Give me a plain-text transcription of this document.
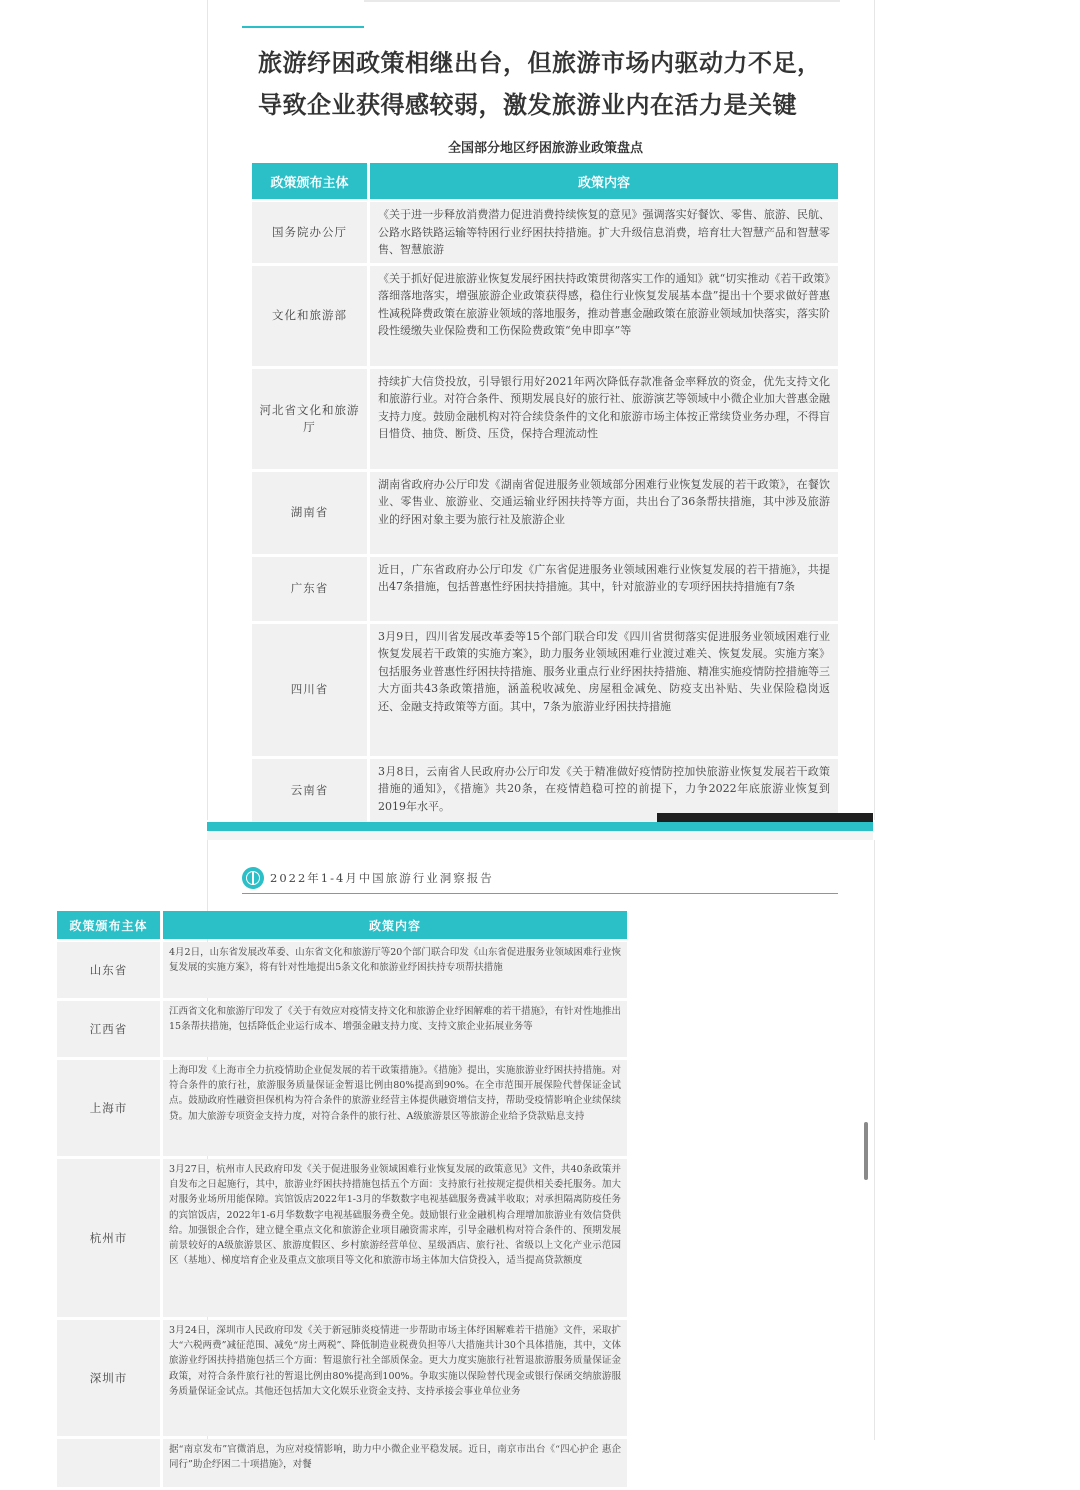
旅游纾困政策相继出台，但旅游市场内驱动力不足，
导致企业获得感较弱，激发旅游业内在活力是关键
全国部分地区纾困旅游业政策盘点
政策颁布主体	政策内容
国务院办公厅	《关于进一步释放消费潜力促进消费持续恢复的意见》强调落实好餐饮、零售、旅游、民航、公路水路铁路运输等特困行业纾困扶持措施。扩大升级信息消费，培育壮大智慧产品和智慧零售、智慧旅游
文化和旅游部	《关于抓好促进旅游业恢复发展纾困扶持政策贯彻落实工作的通知》就“切实推动《若干政策》落细落地落实，增强旅游企业政策获得感，稳住行业恢复发展基本盘”提出十个要求做好普惠性减税降费政策在旅游业领域的落地服务，推动普惠金融政策在旅游业领域加快落实，落实阶段性缓缴失业保险费和工伤保险费政策“免申即享”等
河北省文化和旅游厅	持续扩大信贷投放，引导银行用好2021年两次降低存款准备金率释放的资金，优先支持文化和旅游行业。对符合条件、预期发展良好的旅行社、旅游演艺等领域中小微企业加大普惠金融支持力度。鼓励金融机构对符合续贷条件的文化和旅游市场主体按正常续贷业务办理，不得盲目惜贷、抽贷、断贷、压贷，保持合理流动性
湖南省	湖南省政府办公厅印发《湖南省促进服务业领域部分困难行业恢复发展的若干政策》，在餐饮业、零售业、旅游业、交通运输业纾困扶持等方面，共出台了36条帮扶措施，其中涉及旅游业的纾困对象主要为旅行社及旅游企业
广东省	近日，广东省政府办公厅印发《广东省促进服务业领域困难行业恢复发展的若干措施》，共提出47条措施，包括普惠性纾困扶持措施。其中，针对旅游业的专项纾困扶持措施有7条
四川省	3月9日，四川省发展改革委等15个部门联合印发《四川省贯彻落实促进服务业领域困难行业恢复发展若干政策的实施方案》，助力服务业领域困难行业渡过难关、恢复发展。实施方案》包括服务业普惠性纾困扶持措施、服务业重点行业纾困扶持措施、精准实施疫情防控措施等三大方面共43条政策措施，涵盖税收减免、房屋租金减免、防疫支出补贴、失业保险稳岗返还、金融支持政策等方面。其中，7条为旅游业纾困扶持措施
云南省	3月8日，云南省人民政府办公厅印发《关于精准做好疫情防控加快旅游业恢复发展若干政策措施的通知》，《措施》共20条，在疫情趋稳可控的前提下，力争2022年底旅游业恢复到2019年水平。
2022年1-4月中国旅游行业洞察报告
政策颁布主体	政策内容
山东省	4月2日，山东省发展改革委、山东省文化和旅游厅等20个部门联合印发《山东省促进服务业领域困难行业恢复发展的实施方案》，将有针对性地提出5条文化和旅游业纾困扶持专项帮扶措施
江西省	江西省文化和旅游厅印发了《关于有效应对疫情支持文化和旅游企业纾困解难的若干措施》，有针对性地推出15条帮扶措施，包括降低企业运行成本、增强金融支持力度、支持文旅企业拓展业务等
上海市	上海印发《上海市全力抗疫情助企业促发展的若干政策措施》。《措施》提出，实施旅游业纾困扶持措施。对符合条件的旅行社，旅游服务质量保证金暂退比例由80%提高到90%。在全市范围开展保险代替保证金试点。鼓励政府性融资担保机构为符合条件的旅游业经营主体提供融资增信支持，帮助受疫情影响企业续保续贷。加大旅游专项资金支持力度，对符合条件的旅行社、A级旅游景区等旅游企业给予贷款贴息支持
杭州市	3月27日，杭州市人民政府印发《关于促进服务业领域困难行业恢复发展的政策意见》文件，共40条政策并自发布之日起施行，其中，旅游业纾困扶持措施包括五个方面：支持旅行社按规定提供相关委托服务。加大对服务业场所用能保障。宾馆饭店2022年1-3月的华数数字电视基础服务费减半收取；对承担隔离防疫任务的宾馆饭店，2022年1-6月华数数字电视基础服务费全免。鼓励银行业金融机构合理增加旅游业有效信贷供给。加强银企合作，建立健全重点文化和旅游企业项目融资需求库，引导金融机构对符合条件的、预期发展前景较好的A级旅游景区、旅游度假区、乡村旅游经营单位、星级酒店、旅行社、省级以上文化产业示范园区（基地）、梯度培育企业及重点文旅项目等文化和旅游市场主体加大信贷投入，适当提高贷款额度
深圳市	3月24日，深圳市人民政府印发《关于新冠肺炎疫情进一步帮助市场主体纾困解难若干措施》文件，采取扩大“六税两费”减征范围、减免“房土两税”、降低制造业税费负担等八大措施共计30个具体措施，其中，文体旅游业纾困扶持措施包括三个方面：暂退旅行社全部质保金。更大力度实施旅行社暂退旅游服务质量保证金政策，对符合条件旅行社的暂退比例由80%提高到100%。争取实施以保险替代现金或银行保函交纳旅游服务质量保证金试点。其他还包括加大文化娱乐业资金支持、支持承接会事业单位业务
	据“南京发布”官微消息，为应对疫情影响，助力中小微企业平稳发展。近日，南京市出台《“四心护企 惠企同行”助企纾困二十项措施》，对餐
